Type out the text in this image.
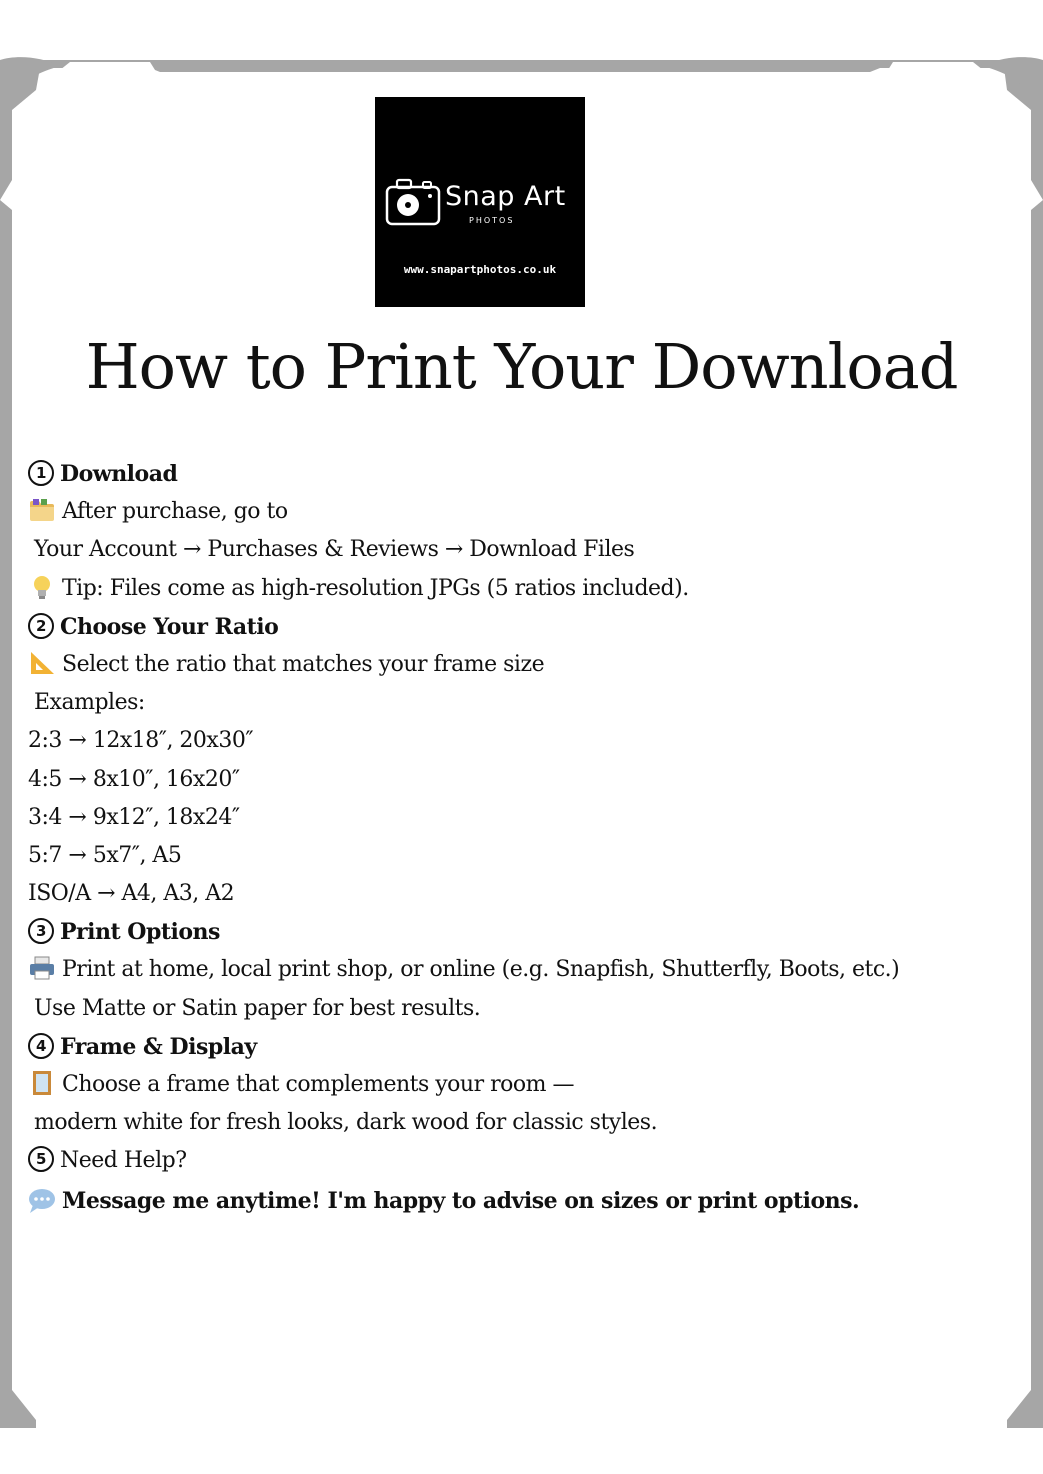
Snap Art
PHOTOS
www.snapartphotos.co.uk
How to Print Your Download
1 Download
After purchase, go to
Your Account → Purchases & Reviews → Download Files
Tip: Files come as high-resolution JPGs (5 ratios included).
2 Choose Your Ratio
Select the ratio that matches your frame size
Examples:
2:3 → 12x18″, 20x30″
4:5 → 8x10″, 16x20″
3:4 → 9x12″, 18x24″
5:7 → 5x7″, A5
ISO/A → A4, A3, A2
3 Print Options
Print at home, local print shop, or online (e.g. Snapfish, Shutterfly, Boots, etc.)
Use Matte or Satin paper for best results.
4 Frame & Display
Choose a frame that complements your room —
modern white for fresh looks, dark wood for classic styles.
5 Need Help?
Message me anytime! I'm happy to advise on sizes or print options.
